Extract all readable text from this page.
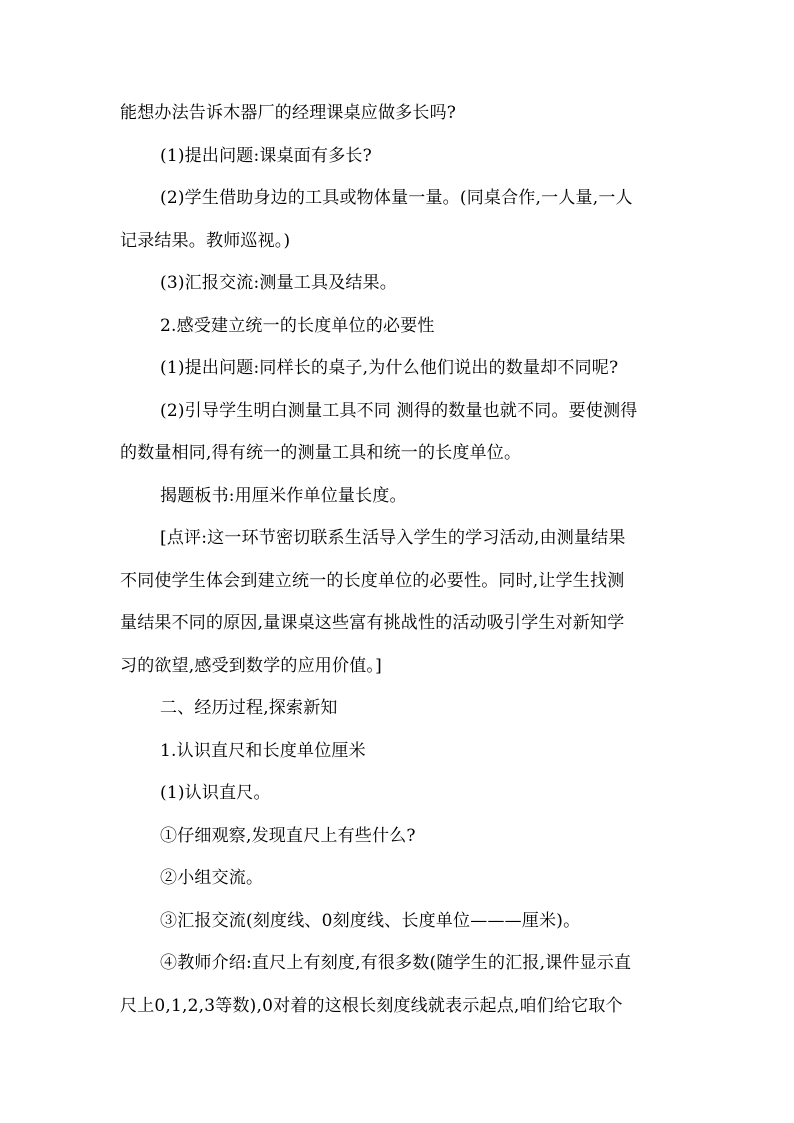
能想办法告诉木器厂的经理课桌应做多长吗?
(1)提出问题:课桌面有多长?
(2)学生借助身边的工具或物体量一量。(同桌合作,一人量,一人
记录结果。教师巡视。)
(3)汇报交流:测量工具及结果。
2.感受建立统一的长度单位的必要性
(1)提出问题:同样长的桌子,为什么他们说出的数量却不同呢?
(2)引导学生明白测量工具不同 测得的数量也就不同。要使测得
的数量相同,得有统一的测量工具和统一的长度单位。
揭题板书:用厘米作单位量长度。
[点评:这一环节密切联系生活导入学生的学习活动,由测量结果
不同使学生体会到建立统一的长度单位的必要性。同时,让学生找测
量结果不同的原因,量课桌这些富有挑战性的活动吸引学生对新知学
习的欲望,感受到数学的应用价值。]
二、经历过程,探索新知
1.认识直尺和长度单位厘米
(1)认识直尺。
①仔细观察,发现直尺上有些什么?
②小组交流。
③汇报交流(刻度线、0刻度线、长度单位———厘米)。
④教师介绍:直尺上有刻度,有很多数(随学生的汇报,课件显示直
尺上0,1,2,3等数),0对着的这根长刻度线就表示起点,咱们给它取个
